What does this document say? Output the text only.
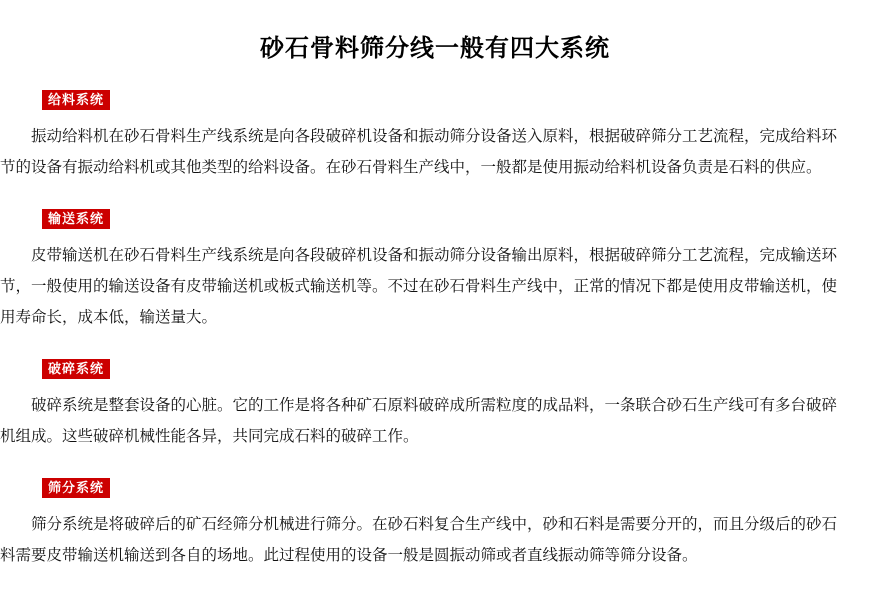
砂石骨料筛分线一般有四大系统
给料系统
振动给料机在砂石骨料生产线系统是向各段破碎机设备和振动筛分设备送入原料，根据破碎筛分工艺流程，完成给料环
节的设备有振动给料机或其他类型的给料设备。在砂石骨料生产线中，一般都是使用振动给料机设备负责是石料的供应。
输送系统
皮带输送机在砂石骨料生产线系统是向各段破碎机设备和振动筛分设备输出原料，根据破碎筛分工艺流程，完成输送环
节，一般使用的输送设备有皮带输送机或板式输送机等。不过在砂石骨料生产线中，正常的情况下都是使用皮带输送机，使
用寿命长，成本低，输送量大。
破碎系统
破碎系统是整套设备的心脏。它的工作是将各种矿石原料破碎成所需粒度的成品料，一条联合砂石生产线可有多台破碎
机组成。这些破碎机械性能各异，共同完成石料的破碎工作。
筛分系统
筛分系统是将破碎后的矿石经筛分机械进行筛分。在砂石料复合生产线中，砂和石料是需要分开的，而且分级后的砂石
料需要皮带输送机输送到各自的场地。此过程使用的设备一般是圆振动筛或者直线振动筛等筛分设备。
